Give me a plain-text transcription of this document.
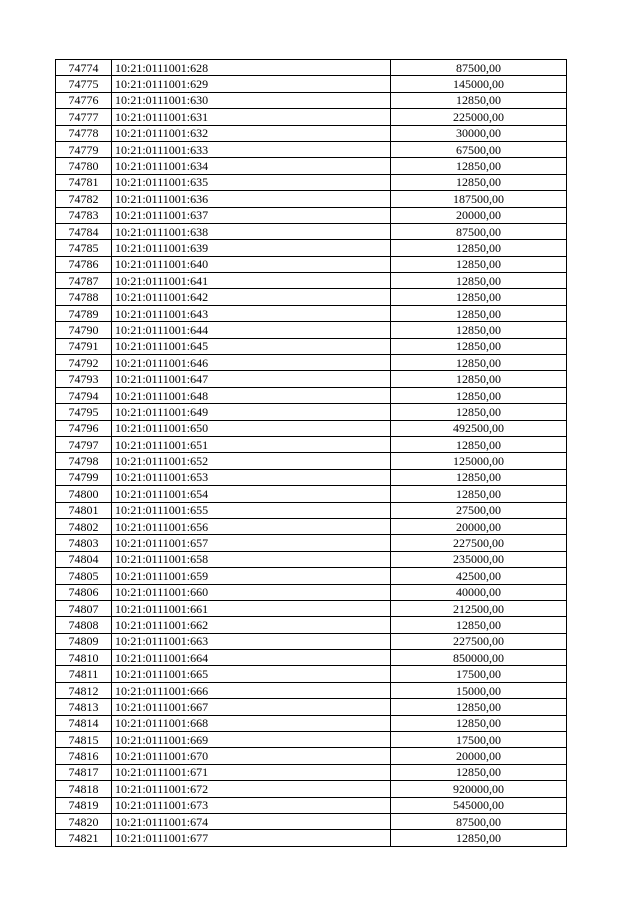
74774	10:21:0111001:628	87500,00
74775	10:21:0111001:629	145000,00
74776	10:21:0111001:630	12850,00
74777	10:21:0111001:631	225000,00
74778	10:21:0111001:632	30000,00
74779	10:21:0111001:633	67500,00
74780	10:21:0111001:634	12850,00
74781	10:21:0111001:635	12850,00
74782	10:21:0111001:636	187500,00
74783	10:21:0111001:637	20000,00
74784	10:21:0111001:638	87500,00
74785	10:21:0111001:639	12850,00
74786	10:21:0111001:640	12850,00
74787	10:21:0111001:641	12850,00
74788	10:21:0111001:642	12850,00
74789	10:21:0111001:643	12850,00
74790	10:21:0111001:644	12850,00
74791	10:21:0111001:645	12850,00
74792	10:21:0111001:646	12850,00
74793	10:21:0111001:647	12850,00
74794	10:21:0111001:648	12850,00
74795	10:21:0111001:649	12850,00
74796	10:21:0111001:650	492500,00
74797	10:21:0111001:651	12850,00
74798	10:21:0111001:652	125000,00
74799	10:21:0111001:653	12850,00
74800	10:21:0111001:654	12850,00
74801	10:21:0111001:655	27500,00
74802	10:21:0111001:656	20000,00
74803	10:21:0111001:657	227500,00
74804	10:21:0111001:658	235000,00
74805	10:21:0111001:659	42500,00
74806	10:21:0111001:660	40000,00
74807	10:21:0111001:661	212500,00
74808	10:21:0111001:662	12850,00
74809	10:21:0111001:663	227500,00
74810	10:21:0111001:664	850000,00
74811	10:21:0111001:665	17500,00
74812	10:21:0111001:666	15000,00
74813	10:21:0111001:667	12850,00
74814	10:21:0111001:668	12850,00
74815	10:21:0111001:669	17500,00
74816	10:21:0111001:670	20000,00
74817	10:21:0111001:671	12850,00
74818	10:21:0111001:672	920000,00
74819	10:21:0111001:673	545000,00
74820	10:21:0111001:674	87500,00
74821	10:21:0111001:677	12850,00
